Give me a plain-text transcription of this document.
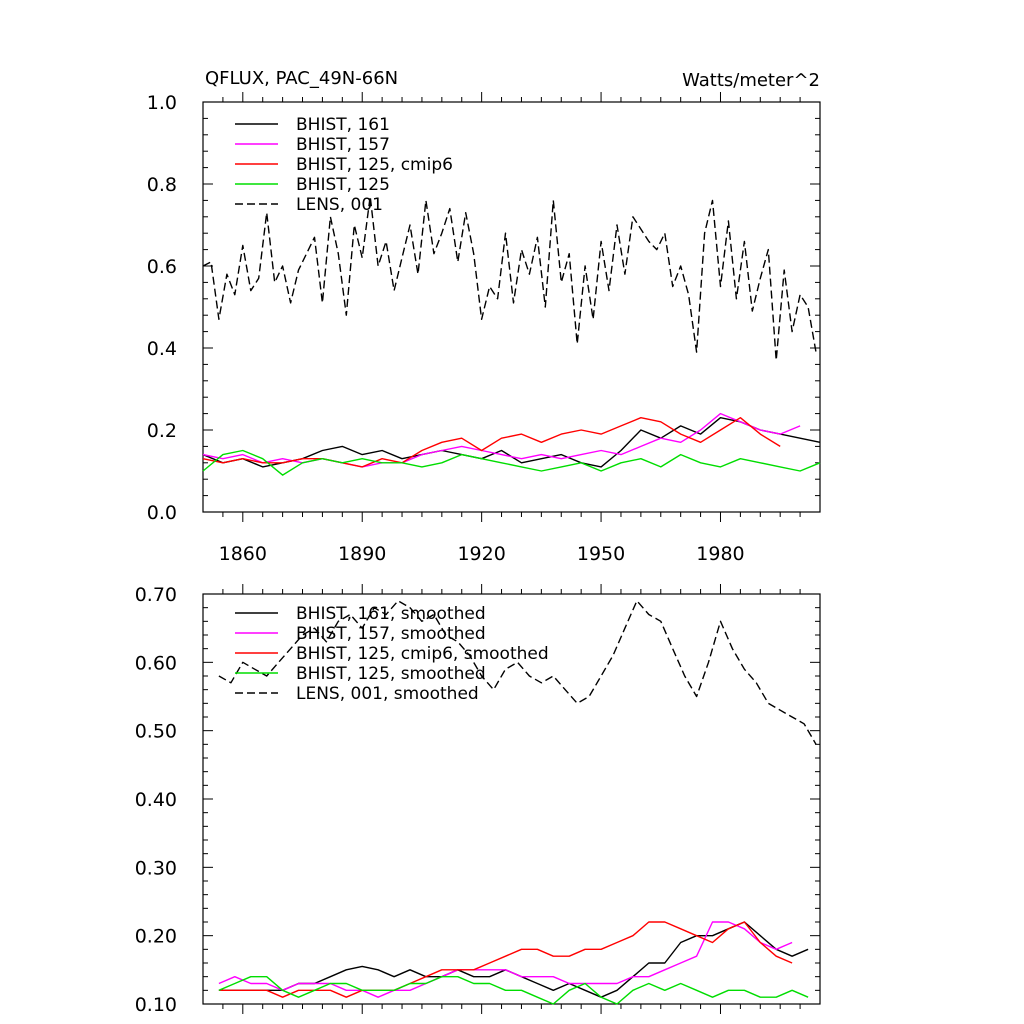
QFLUX, PAC_49N-66N	Watts/meter^2
0.0
0.2
0.4
0.6
0.8
1.0
1860	1890	1920	1950	1980
BHIST, 161
BHIST, 157
BHIST, 125, cmip6
BHIST, 125
LENS, 001
0.10
0.20
0.30
0.40
0.50
0.60
0.70
BHIST, 161, smoothed
BHIST, 157, smoothed
BHIST, 125, cmip6, smoothed
BHIST, 125, smoothed
LENS, 001, smoothed
